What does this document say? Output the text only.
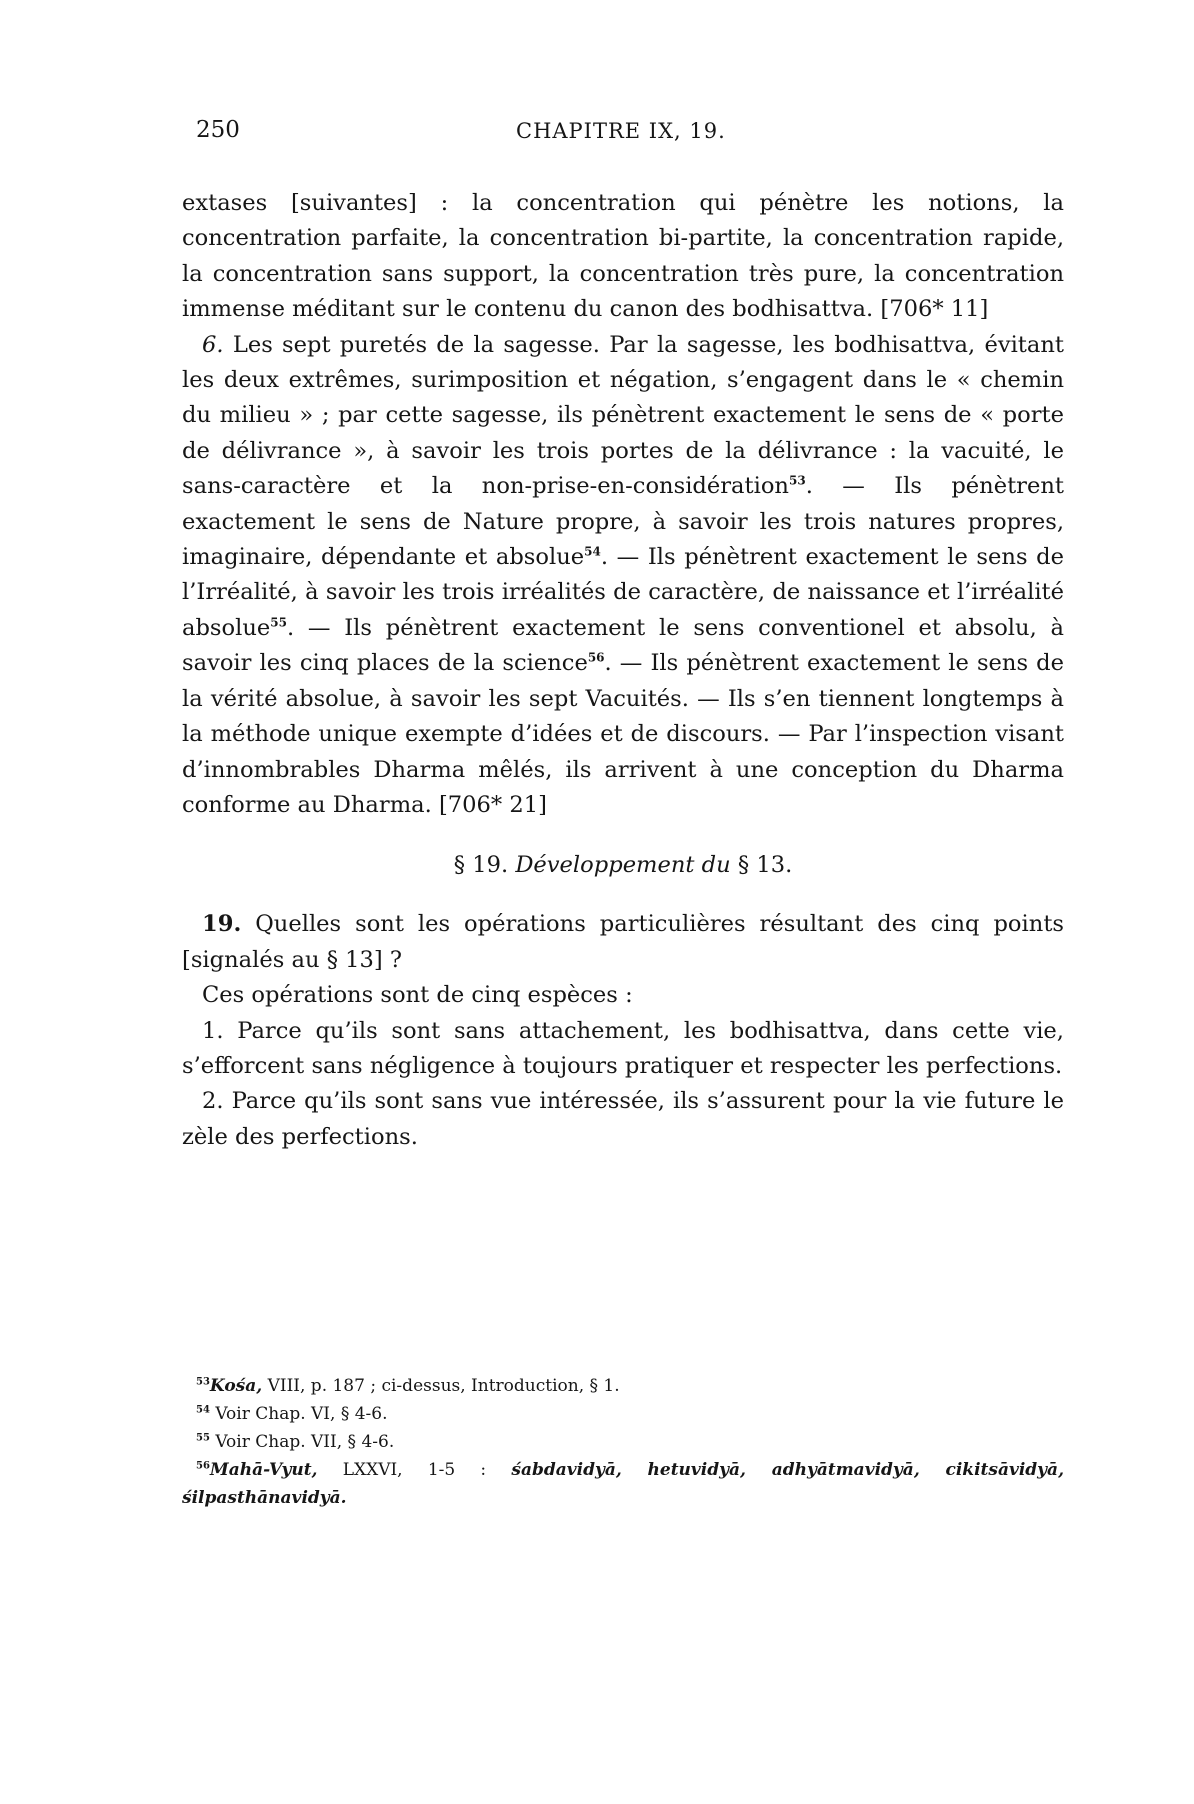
250	CHAPITRE IX, 19.

extases [suivantes] : la concentration qui pénètre les notions, la concentration parfaite, la concentration bi-partite, la concentration rapide, la concentration sans support, la concentration très pure, la concentration immense méditant sur le contenu du canon des bodhisattva. [706* 11]

6. Les sept puretés de la sagesse. Par la sagesse, les bodhisattva, évitant les deux extrêmes, surimposition et négation, s’engagent dans le « chemin du milieu » ; par cette sagesse, ils pénètrent exactement le sens de « porte de délivrance », à savoir les trois portes de la délivrance : la vacuité, le sans-caractère et la non-prise-en-considération$^{53}$. — Ils pénètrent exactement le sens de Nature propre, à savoir les trois natures propres, imaginaire, dépendante et absolue$^{54}$. — Ils pénètrent exactement le sens de l’Irréalité, à savoir les trois irréalités de caractère, de naissance et l’irréalité absolue$^{55}$. — Ils pénètrent exactement le sens conventionel et absolu, à savoir les cinq places de la science$^{56}$. — Ils pénètrent exactement le sens de la vérité absolue, à savoir les sept Vacuités. — Ils s’en tiennent longtemps à la méthode unique exempte d’idées et de discours. — Par l’inspection visant d’innombrables Dharma mêlés, ils arrivent à une conception du Dharma conforme au Dharma. [706* 21]

§ 19. Développement du § 13.

19. Quelles sont les opérations particulières résultant des cinq points [signalés au § 13] ?

Ces opérations sont de cinq espèces :

1. Parce qu’ils sont sans attachement, les bodhisattva, dans cette vie, s’efforcent sans négligence à toujours pratiquer et respecter les perfections.

2. Parce qu’ils sont sans vue intéressée, ils s’assurent pour la vie future le zèle des perfections.

$^{53}$Kośa, VIII, p. 187 ; ci-dessus, Introduction, § 1.

$^{54}$ Voir Chap. VI, § 4-6.

$^{55}$ Voir Chap. VII, § 4-6.

$^{56}$Mahā-Vyut, LXXVI, 1-5 : śabdavidyā, hetuvidyā, adhyātmavidyā, cikitsāvidyā, śilpasthānavidyā.
